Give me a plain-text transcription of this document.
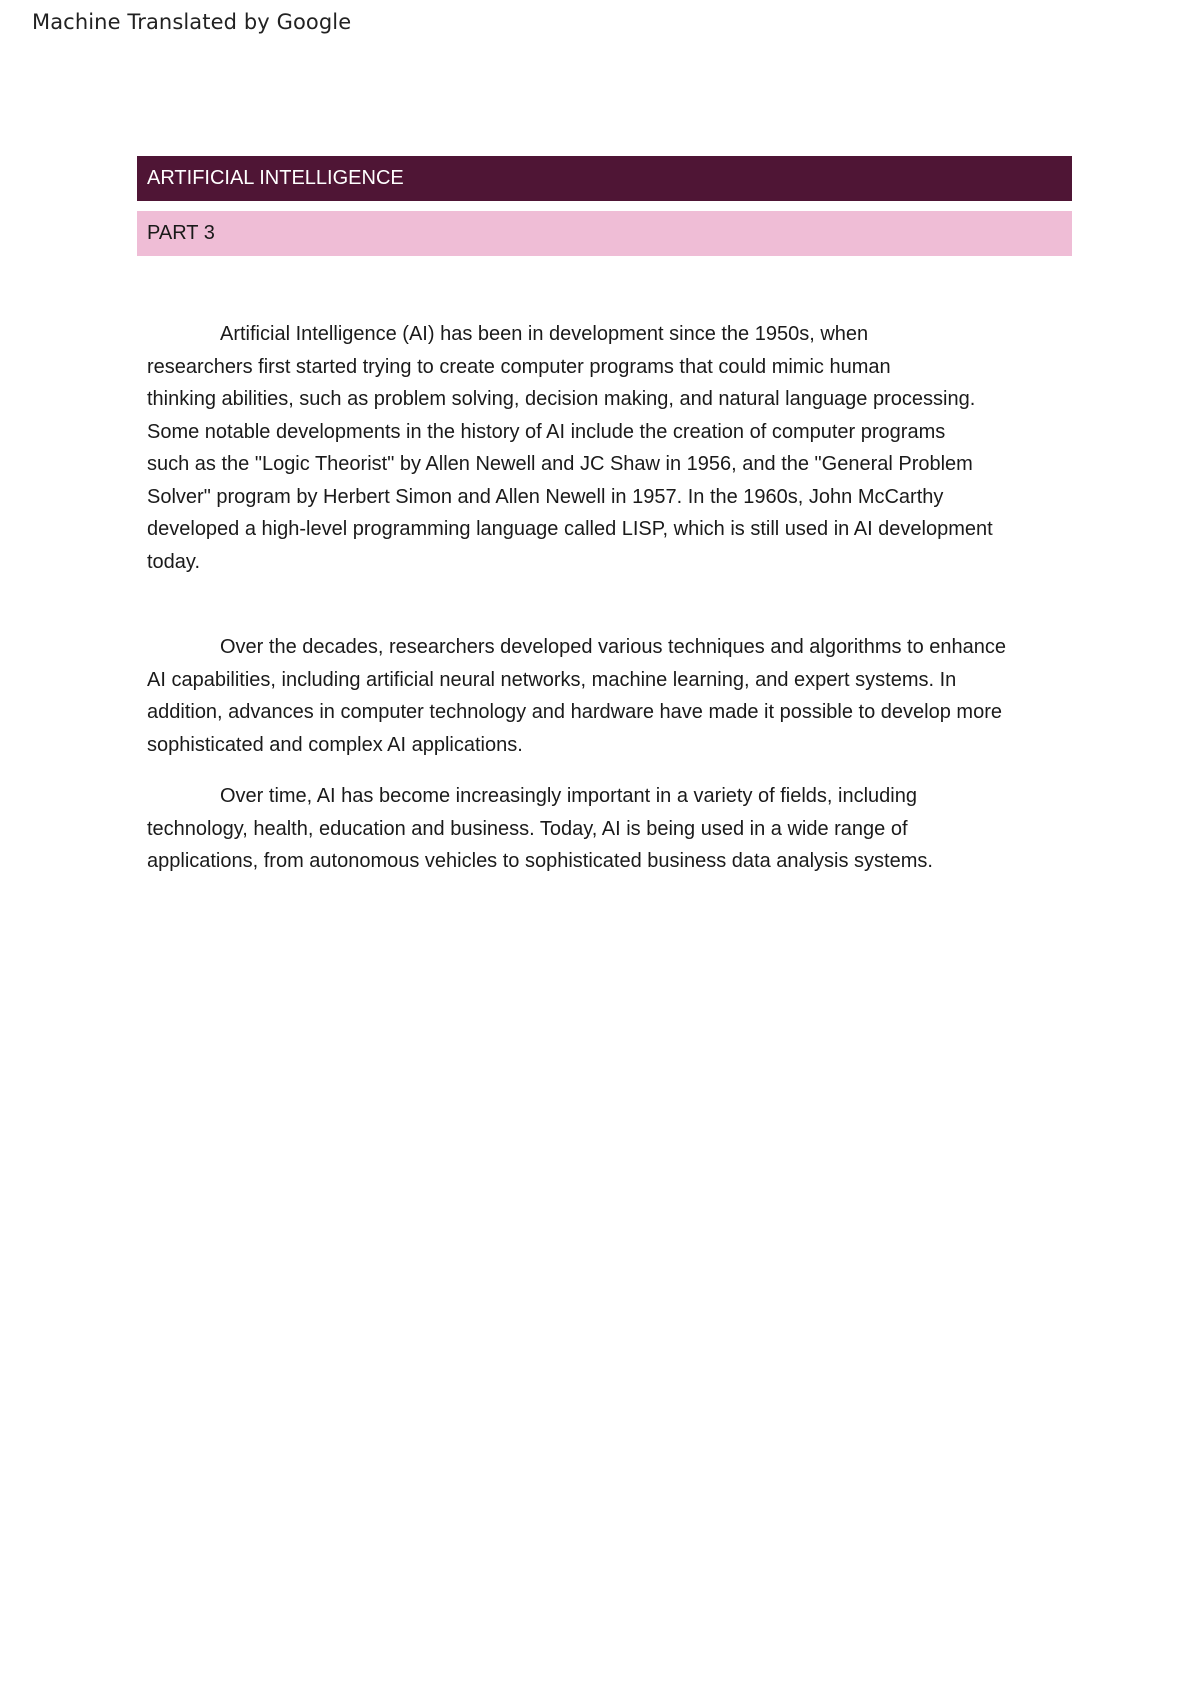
Machine Translated by Google
ARTIFICIAL INTELLIGENCE
PART 3
Artificial Intelligence (AI) has been in development since the 1950s, when
researchers first started trying to create computer programs that could mimic human
thinking abilities, such as problem solving, decision making, and natural language processing.
Some notable developments in the history of AI include the creation of computer programs
such as the "Logic Theorist" by Allen Newell and JC Shaw in 1956, and the "General Problem
Solver" program by Herbert Simon and Allen Newell in 1957. In the 1960s, John McCarthy
developed a high-level programming language called LISP, which is still used in AI development
today.
Over the decades, researchers developed various techniques and algorithms to enhance
AI capabilities, including artificial neural networks, machine learning, and expert systems. In
addition, advances in computer technology and hardware have made it possible to develop more
sophisticated and complex AI applications.
Over time, AI has become increasingly important in a variety of fields, including
technology, health, education and business. Today, AI is being used in a wide range of
applications, from autonomous vehicles to sophisticated business data analysis systems.
